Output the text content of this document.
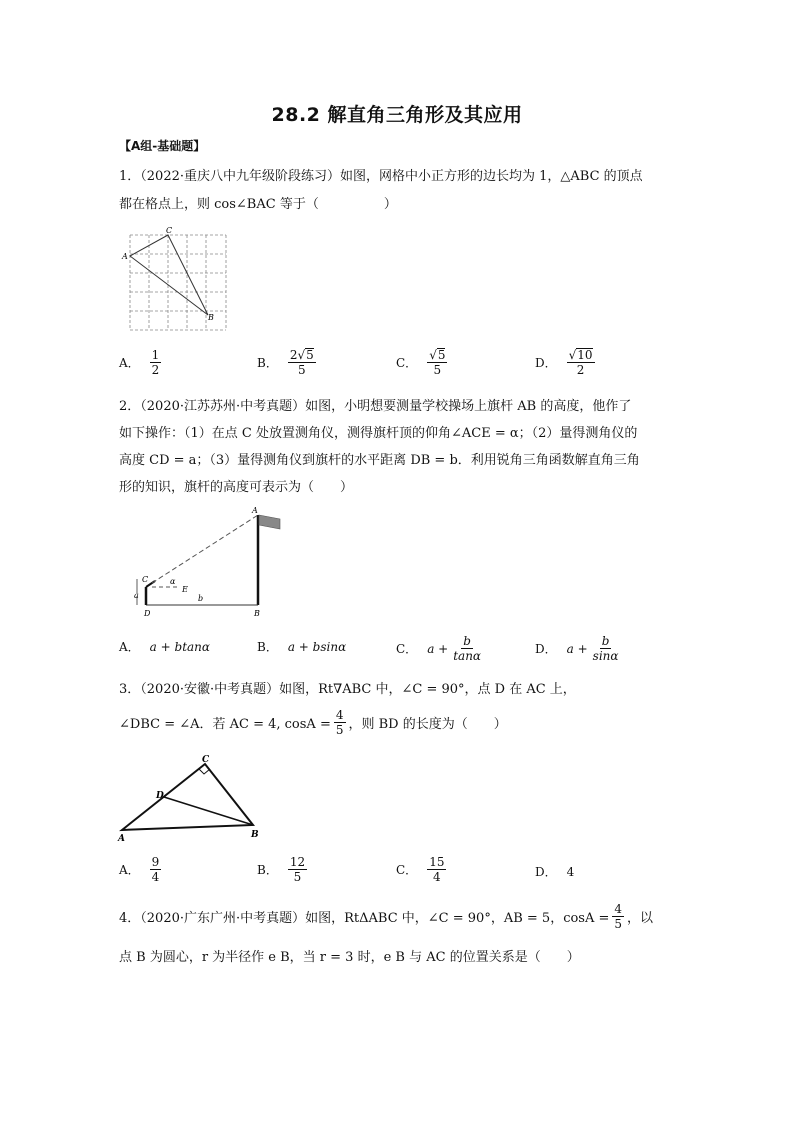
28.2 解直角三角形及其应用
【A组-基础题】
1．（2022·重庆八中九年级阶段练习）如图，网格中小正方形的边长均为 1，△ABC 的顶点
都在格点上，则 cos∠BAC 等于（　　　　　）
A
C
B
A． $\frac{1}{2}$	B． $\frac{2√ 5}{5}$	C． $\frac{√ 5}{5}$	D． $\frac{√ 10}{2}$
2．（2020·江苏苏州·中考真题）如图，小明想要测量学校操场上旗杆 AB 的高度，他作了
如下操作：（1）在点 C 处放置测角仪，测得旗杆顶的仰角∠ACE = α；（2）量得测角仪的
高度 CD = a；（3）量得测角仪到旗杆的水平距离 DB = b．利用锐角三角函数解直角三角
形的知识，旗杆的高度可表示为（　　）
A
C	α
E
a	b
D	B
A． a + btanα	B． a + bsinα	C． $a + \frac{b}{\tan\alpha}$	D． $a + \frac{b}{\sin\alpha}$
3．（2020·安徽·中考真题）如图，Rt∇ABC 中，∠C = 90°，点 D 在 AC 上，
∠DBC = ∠A．若 AC = 4, $\cos A = \frac{4}{5}$ ，则 BD 的长度为（　　）
C
D
A	B
A． $\frac{9}{4}$	B． $\frac{12}{5}$	C． $\frac{15}{4}$	D． 4
4．（2020·广东广州·中考真题）如图，RtΔABC 中，∠C = 90°，AB = 5，$\cos A = \frac{4}{5}$ ，以
点 B 为圆心，r 为半径作 e B，当 r = 3 时，e B 与 AC 的位置关系是（　　）
